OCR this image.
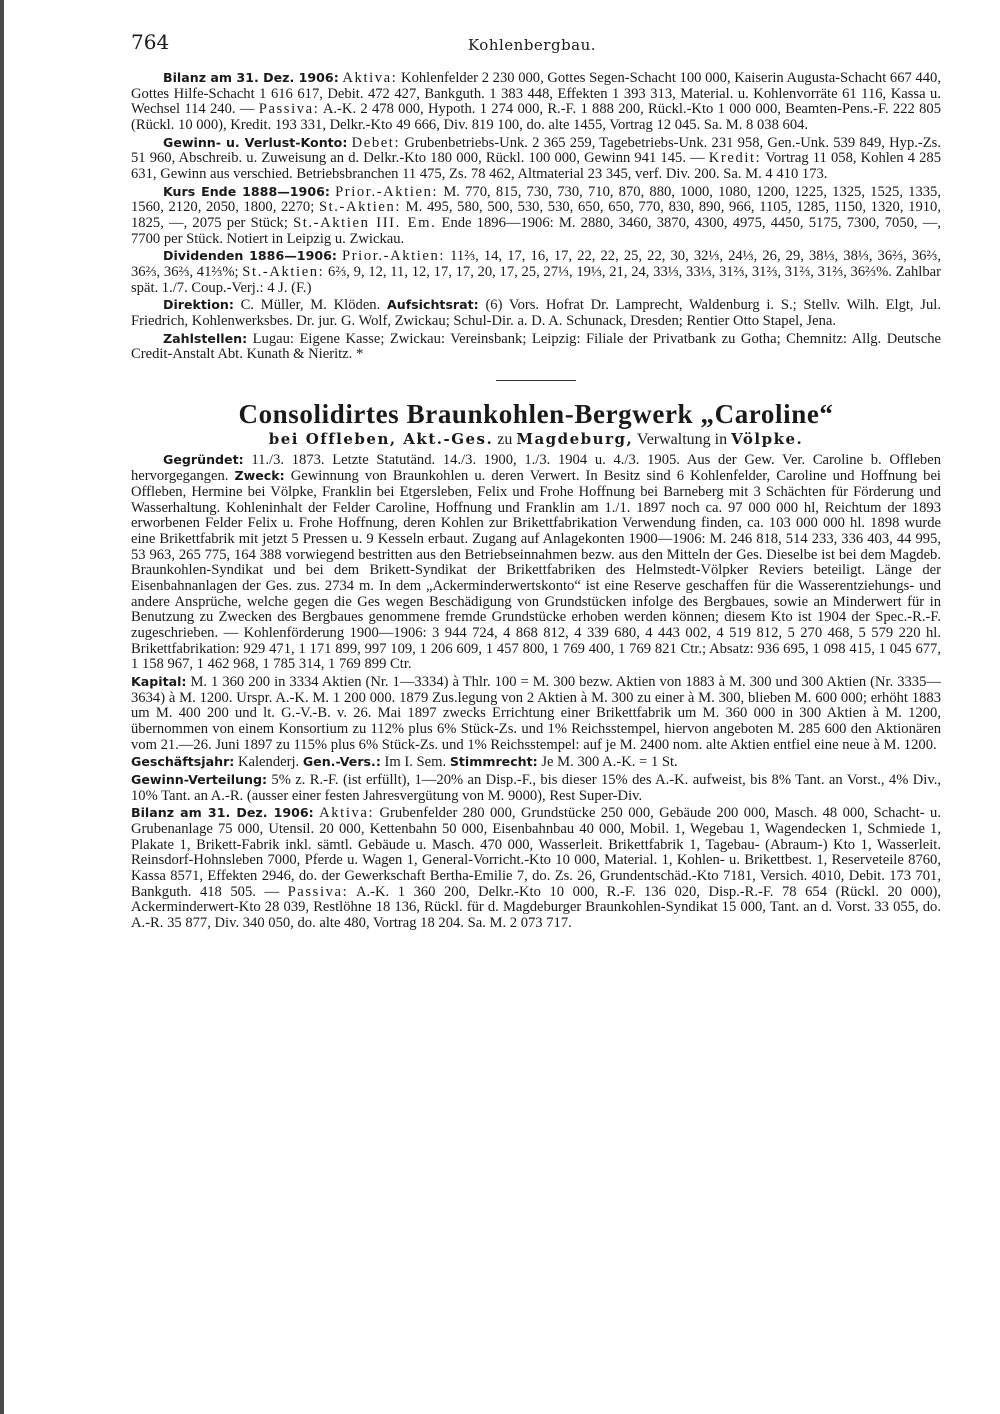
764	Kohlenbergbau.

Bilanz am 31. Dez. 1906: Aktiva: Kohlenfelder 2 230 000, Gottes Segen-Schacht 100 000, Kaiserin Augusta-Schacht 667 440, Gottes Hilfe-Schacht 1 616 617, Debit. 472 427, Bankguth. 1 383 448, Effekten 1 393 313, Material. u. Kohlenvorräte 61 116, Kassa u. Wechsel 114 240. — Passiva: A.-K. 2 478 000, Hypoth. 1 274 000, R.-F. 1 888 200, Rückl.-Kto 1 000 000, Beamten-Pens.-F. 222 805 (Rückl. 10 000), Kredit. 193 331, Delkr.-Kto 49 666, Div. 819 100, do. alte 1455, Vortrag 12 045. Sa. M. 8 038 604.

Gewinn- u. Verlust-Konto: Debet: Grubenbetriebs-Unk. 2 365 259, Tagebetriebs-Unk. 231 958, Gen.-Unk. 539 849, Hyp.-Zs. 51 960, Abschreib. u. Zuweisung an d. Delkr.-Kto 180 000, Rückl. 100 000, Gewinn 941 145. — Kredit: Vortrag 11 058, Kohlen 4 285 631, Gewinn aus verschied. Betriebsbranchen 11 475, Zs. 78 462, Altmaterial 23 345, verf. Div. 200. Sa. M. 4 410 173.

Kurs Ende 1888—1906: Prior.-Aktien: M. 770, 815, 730, 730, 710, 870, 880, 1000, 1080, 1200, 1225, 1325, 1525, 1335, 1560, 2120, 2050, 1800, 2270; St.-Aktien: M. 495, 580, 500, 530, 530, 650, 650, 770, 830, 890, 966, 1105, 1285, 1150, 1320, 1910, 1825, —, 2075 per Stück; St.-Aktien III. Em. Ende 1896—1906: M. 2880, 3460, 3870, 4300, 4975, 4450, 5175, 7300, 7050, —, 7700 per Stück. Notiert in Leipzig u. Zwickau.

Dividenden 1886—1906: Prior.-Aktien: 11⅔, 14, 17, 16, 17, 22, 22, 25, 22, 30, 32⅓, 24⅓, 26, 29, 38⅓, 38⅓, 36⅔, 36⅔, 36⅔, 36⅔, 41⅔%; St.-Aktien: 6⅔, 9, 12, 11, 12, 17, 17, 20, 17, 25, 27⅓, 19⅓, 21, 24, 33⅓, 33⅓, 31⅔, 31⅔, 31⅔, 31⅔, 36⅔%. Zahlbar spät. 1./7. Coup.-Verj.: 4 J. (F.)

Direktion: C. Müller, M. Klöden. Aufsichtsrat: (6) Vors. Hofrat Dr. Lamprecht, Waldenburg i. S.; Stellv. Wilh. Elgt, Jul. Friedrich, Kohlenwerksbes. Dr. jur. G. Wolf, Zwickau; Schul-Dir. a. D. A. Schunack, Dresden; Rentier Otto Stapel, Jena.

Zahlstellen: Lugau: Eigene Kasse; Zwickau: Vereinsbank; Leipzig: Filiale der Privatbank zu Gotha; Chemnitz: Allg. Deutsche Credit-Anstalt Abt. Kunath & Nieritz. *

Consolidirtes Braunkohlen-Bergwerk „Caroline“
bei Offleben, Akt.-Ges. zu Magdeburg, Verwaltung in Völpke.

Gegründet: 11./3. 1873. Letzte Statutänd. 14./3. 1900, 1./3. 1904 u. 4./3. 1905. Aus der Gew. Ver. Caroline b. Offleben hervorgegangen. Zweck: Gewinnung von Braunkohlen u. deren Verwert. In Besitz sind 6 Kohlenfelder, Caroline und Hoffnung bei Offleben, Hermine bei Völpke, Franklin bei Etgersleben, Felix und Frohe Hoffnung bei Barneberg mit 3 Schächten für Förderung und Wasserhaltung. Kohleninhalt der Felder Caroline, Hoffnung und Franklin am 1./1. 1897 noch ca. 97 000 000 hl, Reichtum der 1893 erworbenen Felder Felix u. Frohe Hoffnung, deren Kohlen zur Brikettfabrikation Verwendung finden, ca. 103 000 000 hl. 1898 wurde eine Brikettfabrik mit jetzt 5 Pressen u. 9 Kesseln erbaut. Zugang auf Anlagekonten 1900—1906: M. 246 818, 514 233, 336 403, 44 995, 53 963, 265 775, 164 388 vorwiegend bestritten aus den Betriebseinnahmen bezw. aus den Mitteln der Ges. Dieselbe ist bei dem Magdeb. Braunkohlen-Syndikat und bei dem Brikett-Syndikat der Brikettfabriken des Helmstedt-Völpker Reviers beteiligt. Länge der Eisenbahnanlagen der Ges. zus. 2734 m. In dem „Ackerminderwertskonto“ ist eine Reserve geschaffen für die Wasserentziehungs- und andere Ansprüche, welche gegen die Ges wegen Beschädigung von Grundstücken infolge des Bergbaues, sowie an Minderwert für in Benutzung zu Zwecken des Bergbaues genommene fremde Grundstücke erhoben werden können; diesem Kto ist 1904 der Spec.-R.-F. zugeschrieben. — Kohlenförderung 1900—1906: 3 944 724, 4 868 812, 4 339 680, 4 443 002, 4 519 812, 5 270 468, 5 579 220 hl. Brikettfabrikation: 929 471, 1 171 899, 997 109, 1 206 609, 1 457 800, 1 769 400, 1 769 821 Ctr.; Absatz: 936 695, 1 098 415, 1 045 677, 1 158 967, 1 462 968, 1 785 314, 1 769 899 Ctr.

Kapital: M. 1 360 200 in 3334 Aktien (Nr. 1—3334) à Thlr. 100 = M. 300 bezw. Aktien von 1883 à M. 300 und 300 Aktien (Nr. 3335—3634) à M. 1200. Urspr. A.-K. M. 1 200 000. 1879 Zus.legung von 2 Aktien à M. 300 zu einer à M. 300, blieben M. 600 000; erhöht 1883 um M. 400 200 und lt. G.-V.-B. v. 26. Mai 1897 zwecks Errichtung einer Brikettfabrik um M. 360 000 in 300 Aktien à M. 1200, übernommen von einem Konsortium zu 112% plus 6% Stück-Zs. und 1% Reichsstempel, hiervon angeboten M. 285 600 den Aktionären vom 21.—26. Juni 1897 zu 115% plus 6% Stück-Zs. und 1% Reichsstempel: auf je M. 2400 nom. alte Aktien entfiel eine neue à M. 1200.

Geschäftsjahr: Kalenderj. Gen.-Vers.: Im I. Sem. Stimmrecht: Je M. 300 A.-K. = 1 St.

Gewinn-Verteilung: 5% z. R.-F. (ist erfüllt), 1—20% an Disp.-F., bis dieser 15% des A.-K. aufweist, bis 8% Tant. an Vorst., 4% Div., 10% Tant. an A.-R. (ausser einer festen Jahresvergütung von M. 9000), Rest Super-Div.

Bilanz am 31. Dez. 1906: Aktiva: Grubenfelder 280 000, Grundstücke 250 000, Gebäude 200 000, Masch. 48 000, Schacht- u. Grubenanlage 75 000, Utensil. 20 000, Kettenbahn 50 000, Eisenbahnbau 40 000, Mobil. 1, Wegebau 1, Wagendecken 1, Schmiede 1, Plakate 1, Brikett-Fabrik inkl. sämtl. Gebäude u. Masch. 470 000, Wasserleit. Brikettfabrik 1, Tagebau- (Abraum-) Kto 1, Wasserleit. Reinsdorf-Hohnsleben 7000, Pferde u. Wagen 1, General-Vorricht.-Kto 10 000, Material. 1, Kohlen- u. Brikettbest. 1, Reserveteile 8760, Kassa 8571, Effekten 2946, do. der Gewerkschaft Bertha-Emilie 7, do. Zs. 26, Grundentschäd.-Kto 7181, Versich. 4010, Debit. 173 701, Bankguth. 418 505. — Passiva: A.-K. 1 360 200, Delkr.-Kto 10 000, R.-F. 136 020, Disp.-R.-F. 78 654 (Rückl. 20 000), Ackerminderwert-Kto 28 039, Restlöhne 18 136, Rückl. für d. Magdeburger Braunkohlen-Syndikat 15 000, Tant. an d. Vorst. 33 055, do. A.-R. 35 877, Div. 340 050, do. alte 480, Vortrag 18 204. Sa. M. 2 073 717.
